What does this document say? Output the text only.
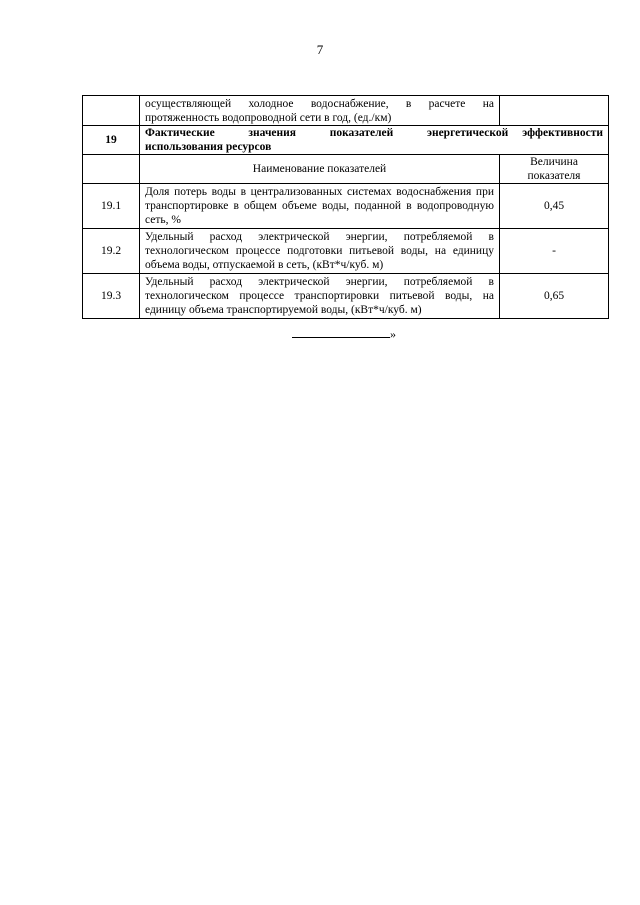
7
	осуществляющей холодное водоснабжение, в расчете на протяженность водопроводной сети в год, (ед./км)	
19	Фактические значения показателей энергетической эффективности
использования ресурсов	

	Наименование показателей	Величина показателя
19.1	Доля потерь воды в централизованных системах водоснабжения при транспортировке в общем объеме воды, поданной в водопроводную сеть, %	0,45
19.2	Удельный расход электрической энергии, потребляемой в технологическом процессе подготовки питьевой воды, на единицу объема воды, отпускаемой в сеть, (кВт*ч/куб. м)	-
19.3	Удельный расход электрической энергии, потребляемой в технологическом процессе транспортировки питьевой воды, на единицу объема транспортируемой воды, (кВт*ч/куб. м)	0,65
»
